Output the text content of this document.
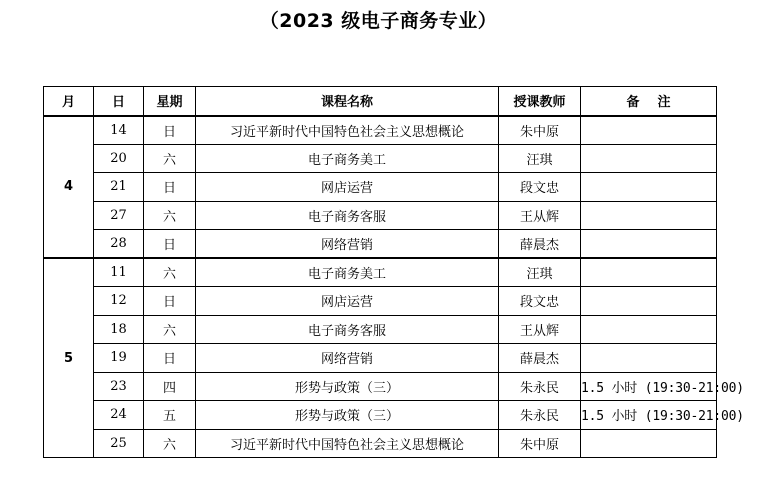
（2023 级电子商务专业）
月	日	星期	课程名称	授课教师	备注
4	14	日	习近平新时代中国特色社会主义思想概论	朱中原	
	20	六	电子商务美工	汪琪	
	21	日	网店运营	段文忠	
	27	六	电子商务客服	王从辉	
	28	日	网络营销	薛晨杰	
5	11	六	电子商务美工	汪琪	
	12	日	网店运营	段文忠	
	18	六	电子商务客服	王从辉	
	19	日	网络营销	薛晨杰	
	23	四	形势与政策（三）	朱永民	1.5 小时 (19:30-21:00)
	24	五	形势与政策（三）	朱永民	1.5 小时 (19:30-21:00)
	25	六	习近平新时代中国特色社会主义思想概论	朱中原	
